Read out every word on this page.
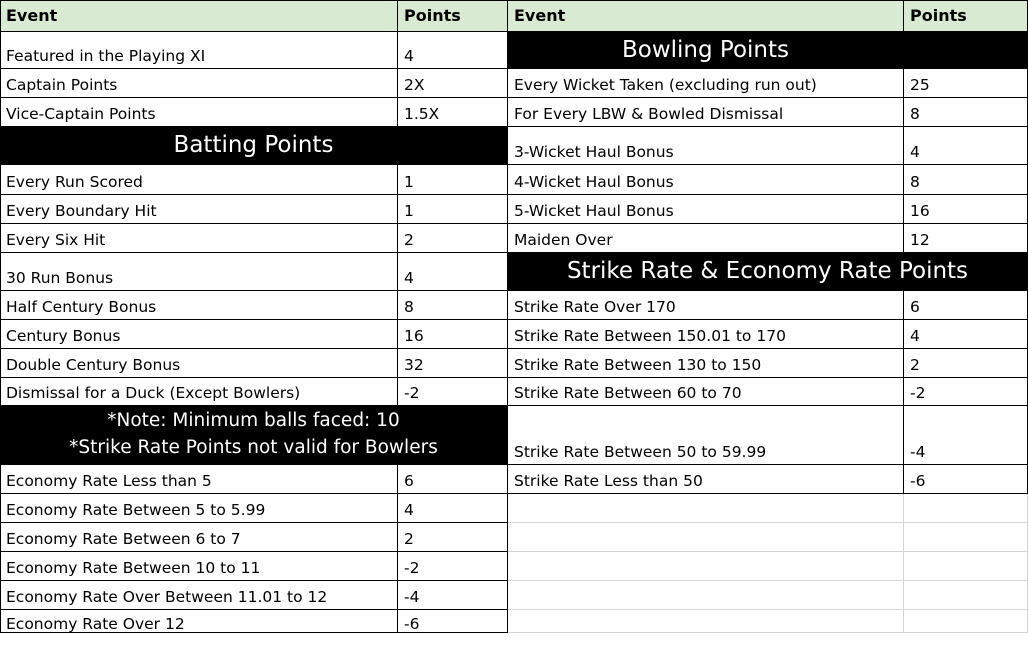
Event	Points
Featured in the Playing XI	4
Captain Points	2X
Vice-Captain Points	1.5X
Batting Points
Every Run Scored	1
Every Boundary Hit	1
Every Six Hit	2
30 Run Bonus	4
Half Century Bonus	8
Century Bonus	16
Double Century Bonus	32
Dismissal for a Duck (Except Bowlers)	-2
*Note: Minimum balls faced: 10
*Strike Rate Points not valid for Bowlers
Economy Rate Less than 5	6
Economy Rate Between 5 to 5.99	4
Economy Rate Between 6 to 7	2
Economy Rate Between 10 to 11	-2
Economy Rate Over Between 11.01 to 12	-4
Economy Rate Over 12	-6
Event	Points
Bowling Points
Every Wicket Taken (excluding run out)	25
For Every LBW & Bowled Dismissal	8
3-Wicket Haul Bonus	4
4-Wicket Haul Bonus	8
5-Wicket Haul Bonus	16
Maiden Over	12
Strike Rate & Economy Rate Points
Strike Rate Over 170	6
Strike Rate Between 150.01 to 170	4
Strike Rate Between 130 to 150	2
Strike Rate Between 60 to 70	-2
Strike Rate Between 50 to 59.99	-4
Strike Rate Less than 50	-6
